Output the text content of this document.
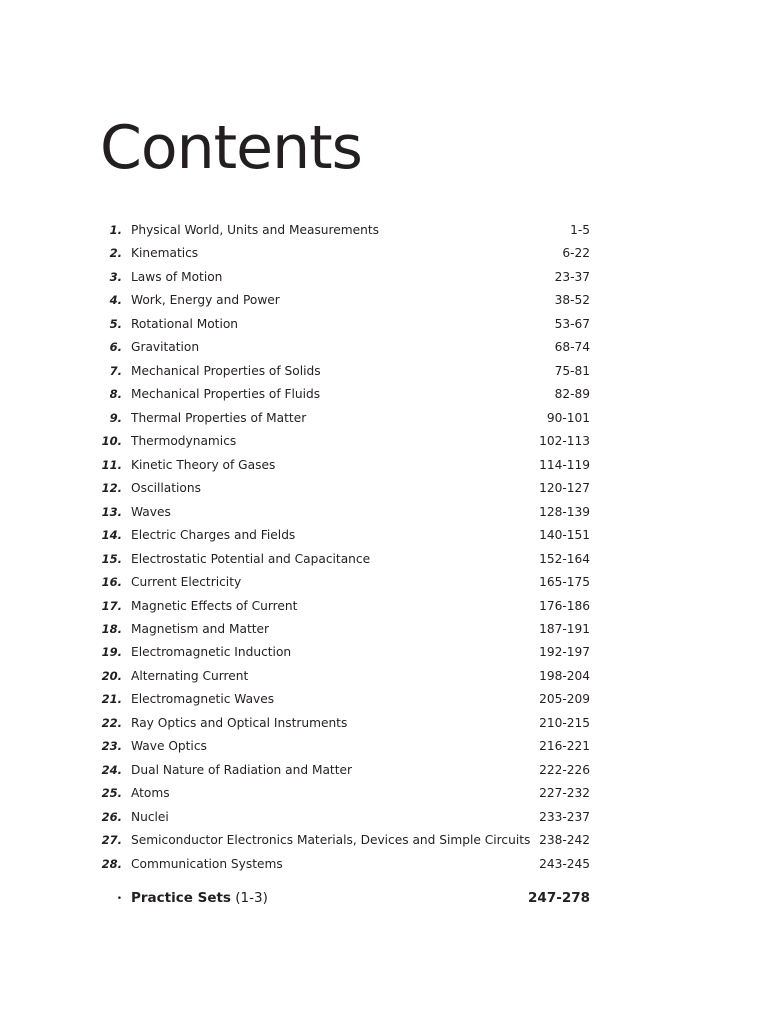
Contents
1. Physical World, Units and Measurements	1-5
2. Kinematics	6-22
3. Laws of Motion	23-37
4. Work, Energy and Power	38-52
5. Rotational Motion	53-67
6. Gravitation	68-74
7. Mechanical Properties of Solids	75-81
8. Mechanical Properties of Fluids	82-89
9. Thermal Properties of Matter	90-101
10. Thermodynamics	102-113
11. Kinetic Theory of Gases	114-119
12. Oscillations	120-127
13. Waves	128-139
14. Electric Charges and Fields	140-151
15. Electrostatic Potential and Capacitance	152-164
16. Current Electricity	165-175
17. Magnetic Effects of Current	176-186
18. Magnetism and Matter	187-191
19. Electromagnetic Induction	192-197
20. Alternating Current	198-204
21. Electromagnetic Waves	205-209
22. Ray Optics and Optical Instruments	210-215
23. Wave Optics	216-221
24. Dual Nature of Radiation and Matter	222-226
25. Atoms	227-232
26. Nuclei	233-237
27. Semiconductor Electronics Materials, Devices and Simple Circuits 238-242
28. Communication Systems	243-245
• Practice Sets (1-3)	247-278
